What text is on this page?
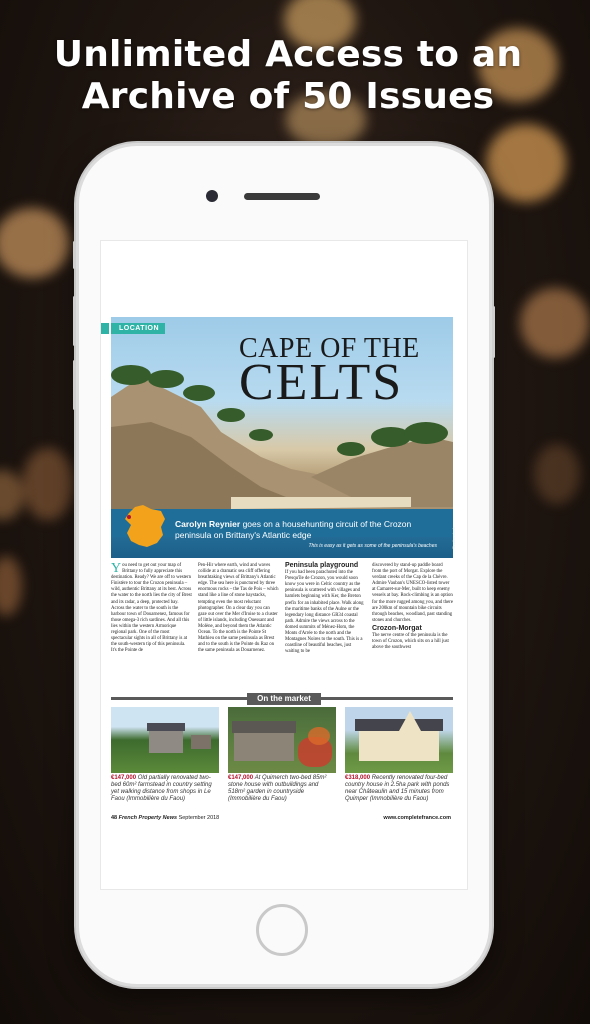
Unlimited Access to an
Archive of 50 Issues
LOCATION
CAPE OF THE
CELTS
Carolyn Reynier goes on a househunting circuit of the Crozon peninsula on Brittany's Atlantic edge
This is easy as it gets as some of the peninsula's beaches	Shutterstock
You need to get out your map of Brittany to fully appreciate this destination. Ready? We are off to western Finistère to tour the Crozon peninsula – wild, authentic Brittany at its best. Across the water to the north lies the city of Brest and its radar, a deep, protected bay. Across the water to the south is the harbour town of Douarnenez, famous for those omega-3 rich sardines. And all this lies within the western Armorique regional park. One of the most spectacular sights in all of Brittany is at the south-western tip of this peninsula. It's the Pointe de
Pen-Hir where earth, wind and waves collide at a dramatic sea cliff offering breathtaking views of Brittany's Atlantic edge. The sea here is punctured by three enormous rocks – the Tas de Pois – which stand like a line of stone haystacks, tempting even the most reluctant photographer. On a clear day you can gaze out over the Mer d'Iroise to a cluster of little islands, including Ouessant and Molène, and beyond them the Atlantic Ocean. To the north is the Pointe St Mathieu on the same peninsula as Brest and to the south is the Pointe du Raz on the same peninsula as Douarnenez.
Peninsula playground
If you had been parachuted into the Presqu'île de Crozon, you would soon know you were in Celtic country as the peninsula is scattered with villages and hamlets beginning with Ker, the Breton prefix for an inhabited place. Walk along the maritime banks of the Aulne or the legendary long distance GR34 coastal path. Admire the views across to the domed summits of Ménez-Hom, the Monts d'Arrée to the north and the Montagnes Noires to the south. This is a coastline of beautiful beaches, just waiting to be
discovered by stand-up paddle board from the port of Morgat. Explore the verdant creeks of the Cap de la Chèvre. Admire Vauban's UNESCO-listed tower at Camaret-sur-Mer, built to keep enemy vessels at bay. Rock-climbing is an option for the more rugged among you, and there are 200km of mountain bike circuits through beaches, woodland, past standing stones and churches.
Crozon-Morgat
The nerve centre of the peninsula is the town of Crozon, which sits on a hill just above the southwest
On the market
€147,000 Old partially renovated two-bed 60m² farmstead in country setting yet walking distance from shops in Le Faou (Immobilière du Faou)
€147,000 At Quimerch two-bed 85m² stone house with outbuildings and 518m² garden in countryside (Immobilière du Faou)
€318,000 Recently renovated four-bed country house in 2.5ha park with ponds near Châteaulin and 15 minutes from Quimper (Immobilière du Faou)
48 French Property News September 2018	www.completefrance.com
